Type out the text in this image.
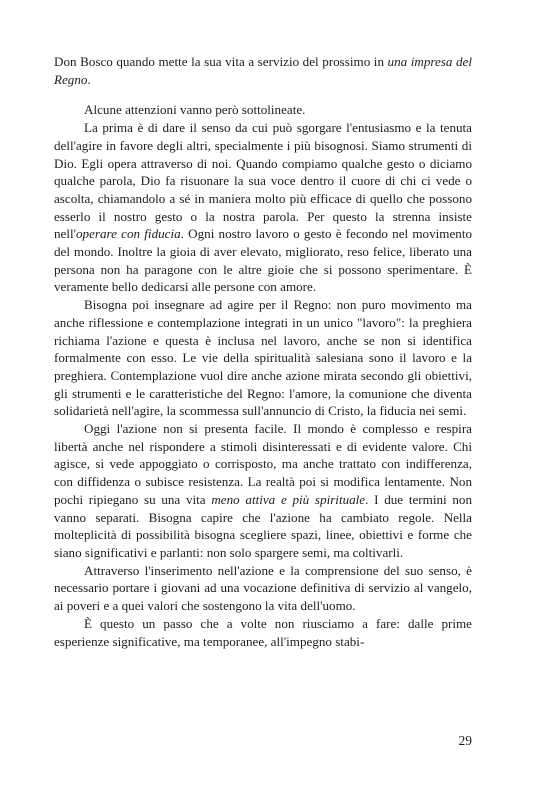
Don Bosco quando mette la sua vita a servizio del prossimo in una impresa del Regno.

Alcune attenzioni vanno però sottolineate.

La prima è di dare il senso da cui può sgorgare l'entusiasmo e la tenuta dell'agire in favore degli altri, specialmente i più bisognosi. Siamo strumenti di Dio. Egli opera attraverso di noi. Quando compiamo qualche gesto o diciamo qualche parola, Dio fa risuonare la sua voce dentro il cuore di chi ci vede o ascolta, chiamandolo a sé in maniera molto più efficace di quello che possono esserlo il nostro gesto o la nostra parola. Per questo la strenna insiste nell'operare con fiducia. Ogni nostro lavoro o gesto è fecondo nel movimento del mondo. Inoltre la gioia di aver elevato, migliorato, reso felice, liberato una persona non ha paragone con le altre gioie che si possono sperimentare. È veramente bello dedicarsi alle persone con amore.

Bisogna poi insegnare ad agire per il Regno: non puro movimento ma anche riflessione e contemplazione integrati in un unico "lavoro": la preghiera richiama l'azione e questa è inclusa nel lavoro, anche se non si identifica formalmente con esso. Le vie della spiritualità salesiana sono il lavoro e la preghiera. Contemplazione vuol dire anche azione mirata secondo gli obiettivi, gli strumenti e le caratteristiche del Regno: l'amore, la comunione che diventa solidarietà nell'agire, la scommessa sull'annuncio di Cristo, la fiducia nei semi.

Oggi l'azione non si presenta facile. Il mondo è complesso e respira libertà anche nel rispondere a stimoli disinteressati e di evidente valore. Chi agisce, si vede appoggiato o corrisposto, ma anche trattato con indifferenza, con diffidenza o subisce resistenza. La realtà poi si modifica lentamente. Non pochi ripiegano su una vita meno attiva e più spirituale. I due termini non vanno separati. Bisogna capire che l'azione ha cambiato regole. Nella molteplicità di possibilità bisogna scegliere spazi, linee, obiettivi e forme che siano significativi e parlanti: non solo spargere semi, ma coltivarli.

Attraverso l'inserimento nell'azione e la comprensione del suo senso, è necessario portare i giovani ad una vocazione definitiva di servizio al vangelo, ai poveri e a quei valori che sostengono la vita dell'uomo.

È questo un passo che a volte non riusciamo a fare: dalle prime esperienze significative, ma temporanee, all'impegno stabi-

29
